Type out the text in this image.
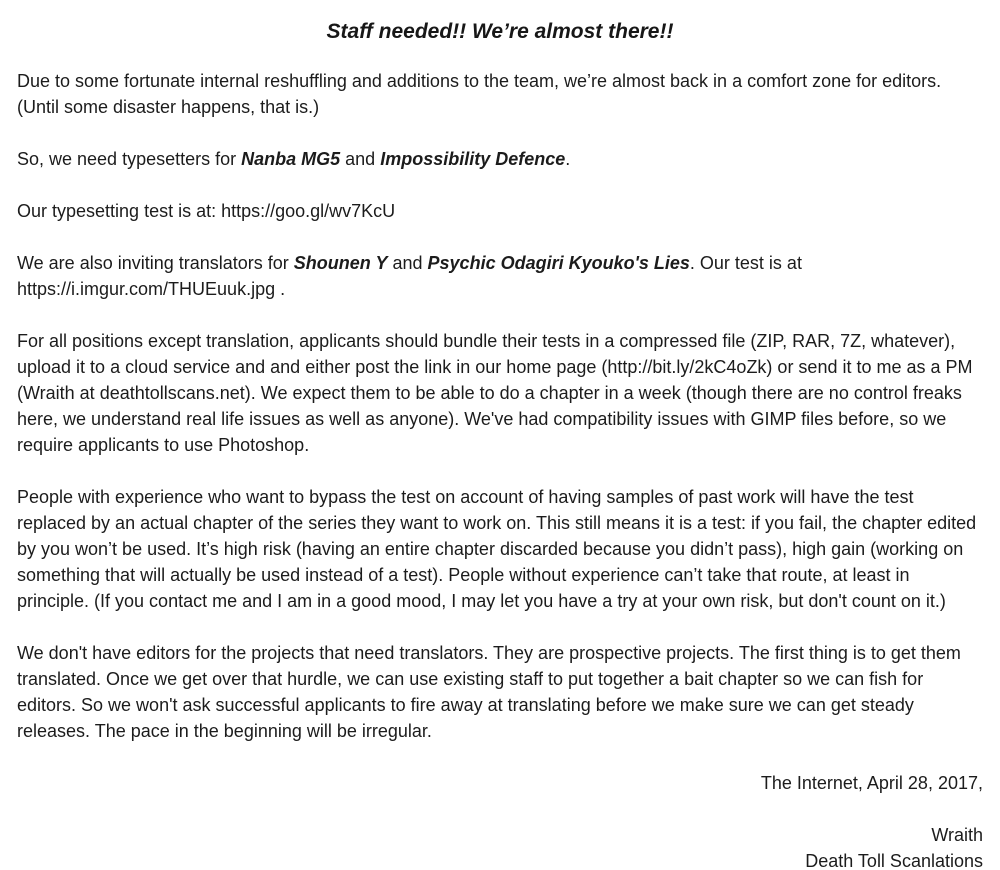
Staff needed!! We’re almost there!!

Due to some fortunate internal reshuffling and additions to the team, we’re almost back in a comfort zone for editors. (Until some disaster happens, that is.)

So, we need typesetters for Nanba MG5 and Impossibility Defence.

Our typesetting test is at: https://goo.gl/wv7KcU

We are also inviting translators for Shounen Y and Psychic Odagiri Kyouko's Lies. Our test is at https://i.imgur.com/THUEuuk.jpg .

For all positions except translation, applicants should bundle their tests in a compressed file (ZIP, RAR, 7Z, whatever), upload it to a cloud service and and either post the link in our home page (http://bit.ly/2kC4oZk) or send it to me as a PM (Wraith at deathtollscans.net). We expect them to be able to do a chapter in a week (though there are no control freaks here, we understand real life issues as well as anyone). We've had compatibility issues with GIMP files before, so we require applicants to use Photoshop.

People with experience who want to bypass the test on account of having samples of past work will have the test replaced by an actual chapter of the series they want to work on. This still means it is a test: if you fail, the chapter edited by you won’t be used. It’s high risk (having an entire chapter discarded because you didn’t pass), high gain (working on something that will actually be used instead of a test). People without experience can’t take that route, at least in principle. (If you contact me and I am in a good mood, I may let you have a try at your own risk, but don't count on it.)

We don't have editors for the projects that need translators. They are prospective projects. The first thing is to get them translated. Once we get over that hurdle, we can use existing staff to put together a bait chapter so we can fish for editors. So we won't ask successful applicants to fire away at translating before we make sure we can get steady releases. The pace in the beginning will be irregular.

The Internet, April 28, 2017,

Wraith

Death Toll Scanlations
